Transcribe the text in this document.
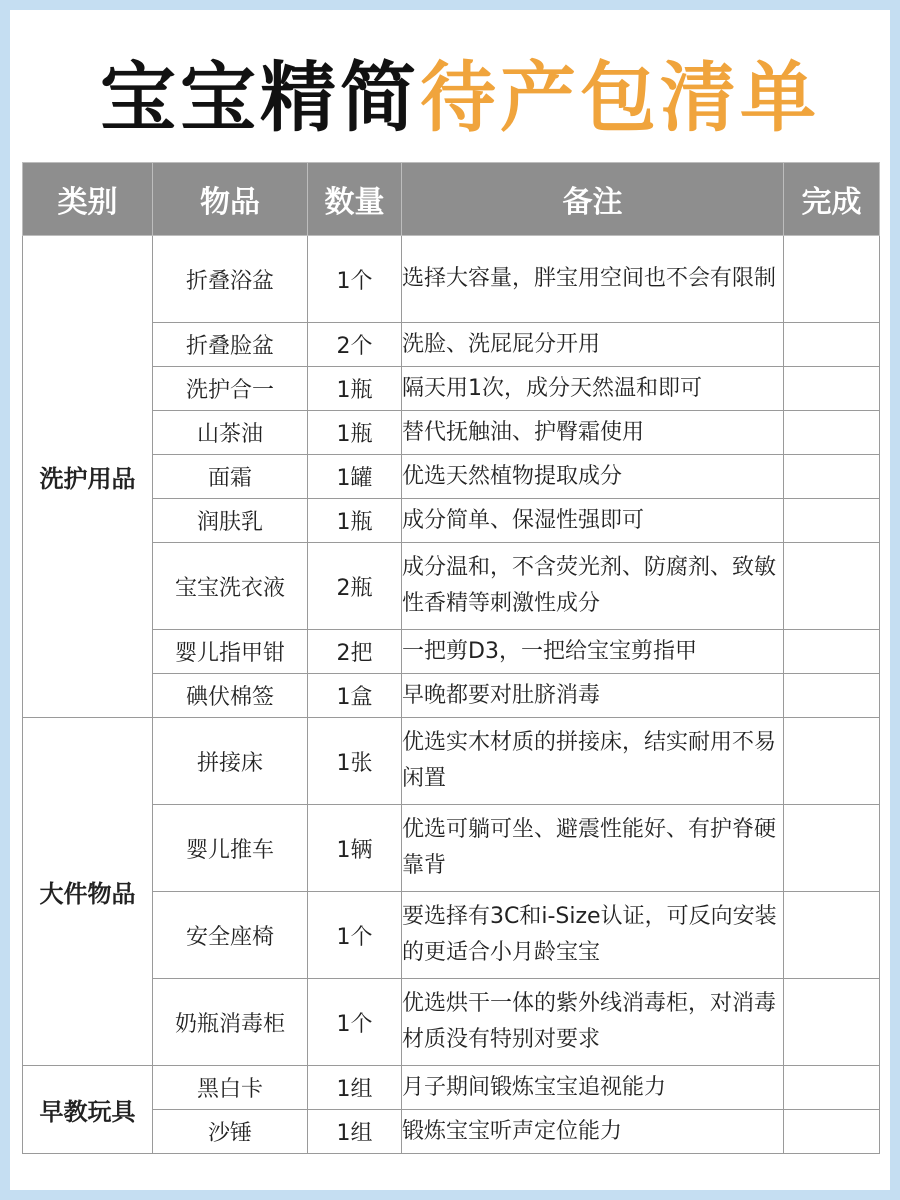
宝宝精简待产包清单
类别	物品	数量	备注	完成
洗护用品	折叠浴盆	1个	选择大容量，胖宝用空间也不会有限制	
	折叠脸盆	2个	洗脸、洗屁屁分开用	
	洗护合一	1瓶	隔天用1次，成分天然温和即可	
	山茶油	1瓶	替代抚触油、护臀霜使用	
	面霜	1罐	优选天然植物提取成分	
	润肤乳	1瓶	成分简单、保湿性强即可	
	宝宝洗衣液	2瓶	成分温和，不含荧光剂、防腐剂、致敏性香精等刺激性成分	
	婴儿指甲钳	2把	一把剪D3，一把给宝宝剪指甲	
	碘伏棉签	1盒	早晚都要对肚脐消毒	
大件物品	拼接床	1张	优选实木材质的拼接床，结实耐用不易闲置	
	婴儿推车	1辆	优选可躺可坐、避震性能好、有护脊硬靠背	
	安全座椅	1个	要选择有3C和i-Size认证，可反向安装的更适合小月龄宝宝	
	奶瓶消毒柜	1个	优选烘干一体的紫外线消毒柜，对消毒材质没有特别对要求	
早教玩具	黑白卡	1组	月子期间锻炼宝宝追视能力	
	沙锤	1组	锻炼宝宝听声定位能力	
